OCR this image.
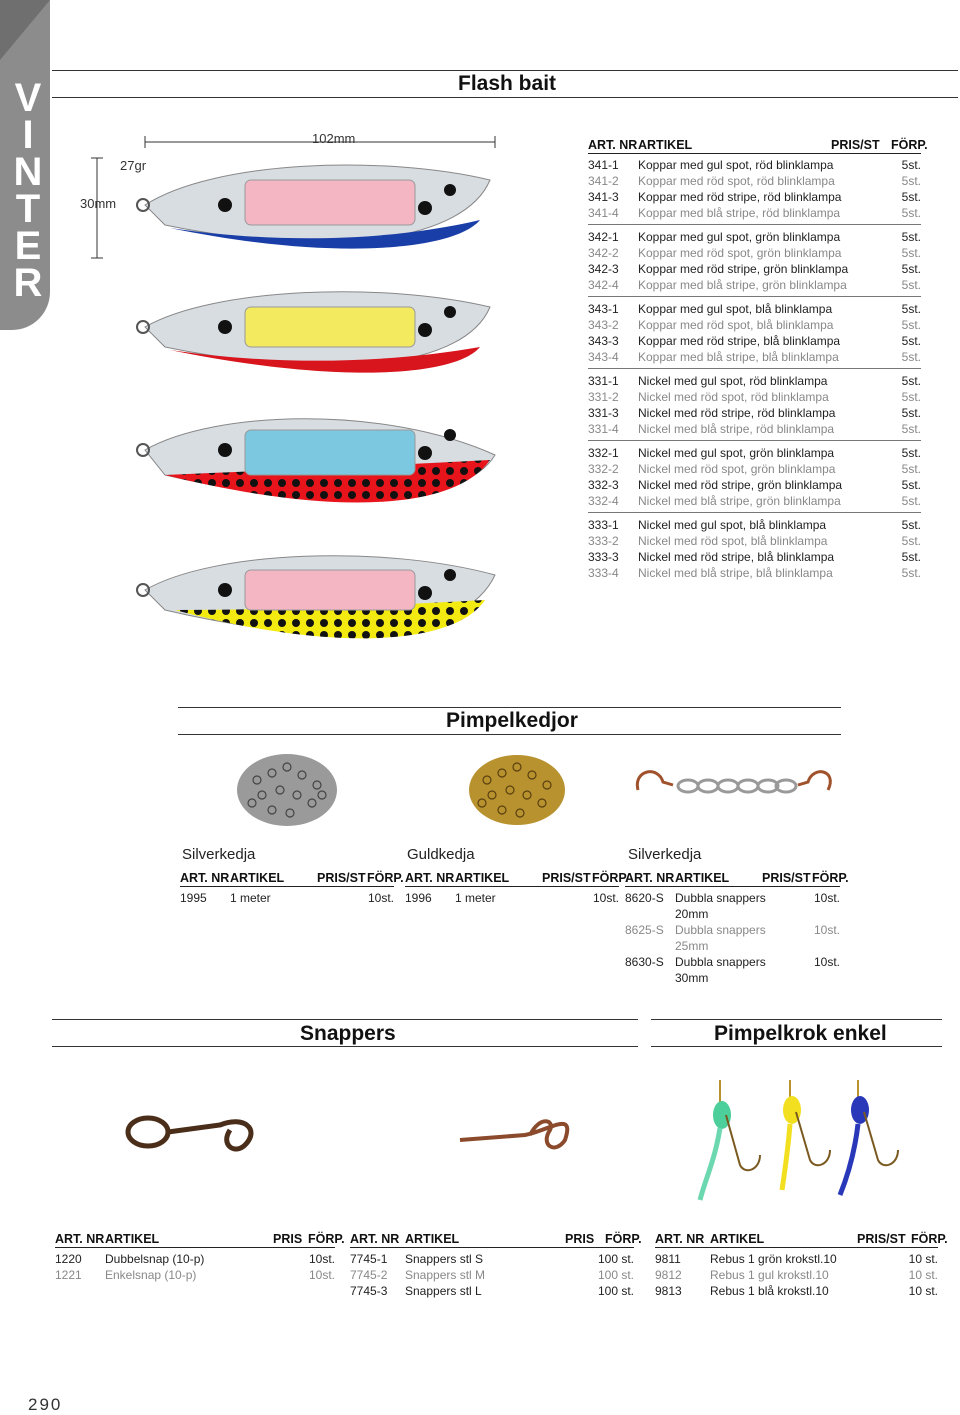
V
I
N
T
E
R
Flash bait
102mm
27gr
30mm
ART. NR ARTIKEL	PRIS/ST FÖRP.
341-1	Koppar med gul spot, röd blinklampa	5st.
341-2	Koppar med röd spot, röd blinklampa	5st.
341-3	Koppar med röd stripe, röd blinklampa	5st.
341-4	Koppar med blå stripe, röd blinklampa	5st.
342-1	Koppar med gul spot, grön blinklampa	5st.
342-2	Koppar med röd spot, grön blinklampa	5st.
342-3	Koppar med röd stripe, grön blinklampa	5st.
342-4	Koppar med blå stripe, grön blinklampa	5st.
343-1	Koppar med gul spot, blå blinklampa	5st.
343-2	Koppar med röd spot, blå blinklampa	5st.
343-3	Koppar med röd stripe, blå blinklampa	5st.
343-4	Koppar med blå stripe, blå blinklampa	5st.
331-1	Nickel med gul spot, röd blinklampa	5st.
331-2	Nickel med röd spot, röd blinklampa	5st.
331-3	Nickel med röd stripe, röd blinklampa	5st.
331-4	Nickel med blå stripe, röd blinklampa	5st.
332-1	Nickel med gul spot, grön blinklampa	5st.
332-2	Nickel med röd spot, grön blinklampa	5st.
332-3	Nickel med röd stripe, grön blinklampa	5st.
332-4	Nickel med blå stripe, grön blinklampa	5st.
333-1	Nickel med gul spot, blå blinklampa	5st.
333-2	Nickel med röd spot, blå blinklampa	5st.
333-3	Nickel med röd stripe, blå blinklampa	5st.
333-4	Nickel med blå stripe, blå blinklampa	5st.
Pimpelkedjor
Silverkedja	Guldkedja	Silverkedja
ART. NR ARTIKEL	PRIS/ST FÖRP.
1995	1 meter	10st.
ART. NR ARTIKEL	PRIS/ST FÖRP.
1996	1 meter	10st.
ART. NR ARTIKEL	PRIS/ST FÖRP.
8620-S Dubbla snappers	10st.
20mm
8625-S Dubbla snappers	10st.
25mm
8630-S Dubbla snappers	10st.
30mm
Snappers	Pimpelkrok enkel
ART. NR ARTIKEL	PRIS FÖRP.
1220	Dubbelsnap (10-p)	10st.
1221	Enkelsnap (10-p)	10st.
ART. NR ARTIKEL	PRIS FÖRP.
7745-1	Snappers stl S	100 st.
7745-2	Snappers stl M	100 st.
7745-3	Snappers stl L	100 st.
ART. NR ARTIKEL	PRIS/ST FÖRP.
9811	Rebus 1 grön krokstl.10	10 st.
9812	Rebus 1 gul krokstl.10	10 st.
9813	Rebus 1 blå krokstl.10	10 st.
290
